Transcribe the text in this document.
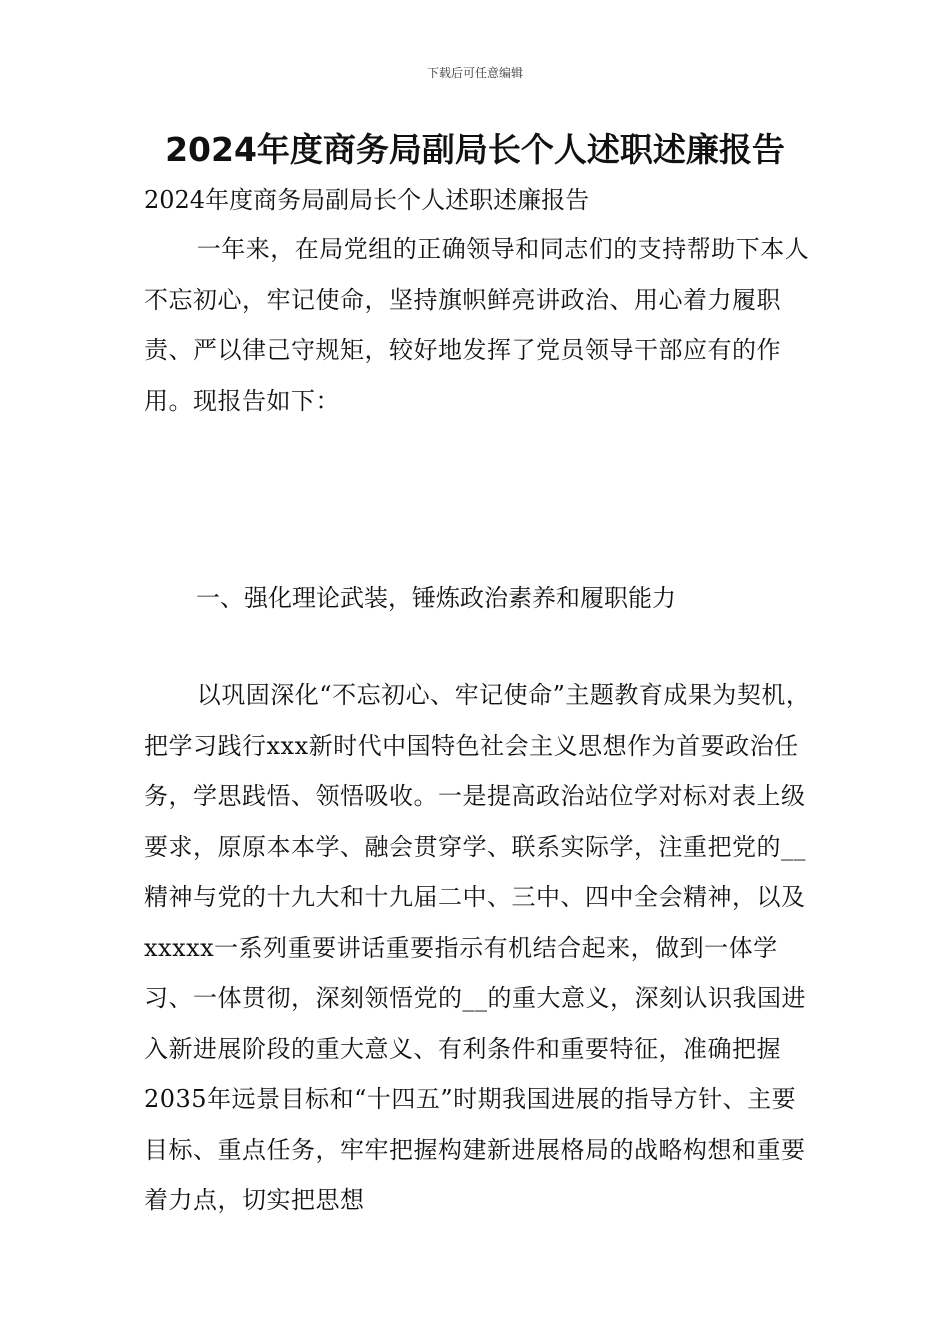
下载后可任意编辑
2024年度商务局副局长个人述职述廉报告

2024年度商务局副局长个人述职述廉报告

一年来，在局党组的正确领导和同志们的支持帮助下本人不忘初心，牢记使命，坚持旗帜鲜亮讲政治、用心着力履职责、严以律己守规矩，较好地发挥了党员领导干部应有的作用。现报告如下：

一、强化理论武装，锤炼政治素养和履职能力

以巩固深化“不忘初心、牢记使命”主题教育成果为契机，把学习践行xxx新时代中国特色社会主义思想作为首要政治任务，学思践悟、领悟吸收。一是提高政治站位学对标对表上级要求，原原本本学、融会贯穿学、联系实际学，注重把党的__精神与党的十九大和十九届二中、三中、四中全会精神，以及xxxxx一系列重要讲话重要指示有机结合起来，做到一体学习、一体贯彻，深刻领悟党的__的重大意义，深刻认识我国进入新进展阶段的重大意义、有利条件和重要特征，准确把握2035年远景目标和“十四五”时期我国进展的指导方针、主要目标、重点任务，牢牢把握构建新进展格局的战略构想和重要着力点，切实把思想
